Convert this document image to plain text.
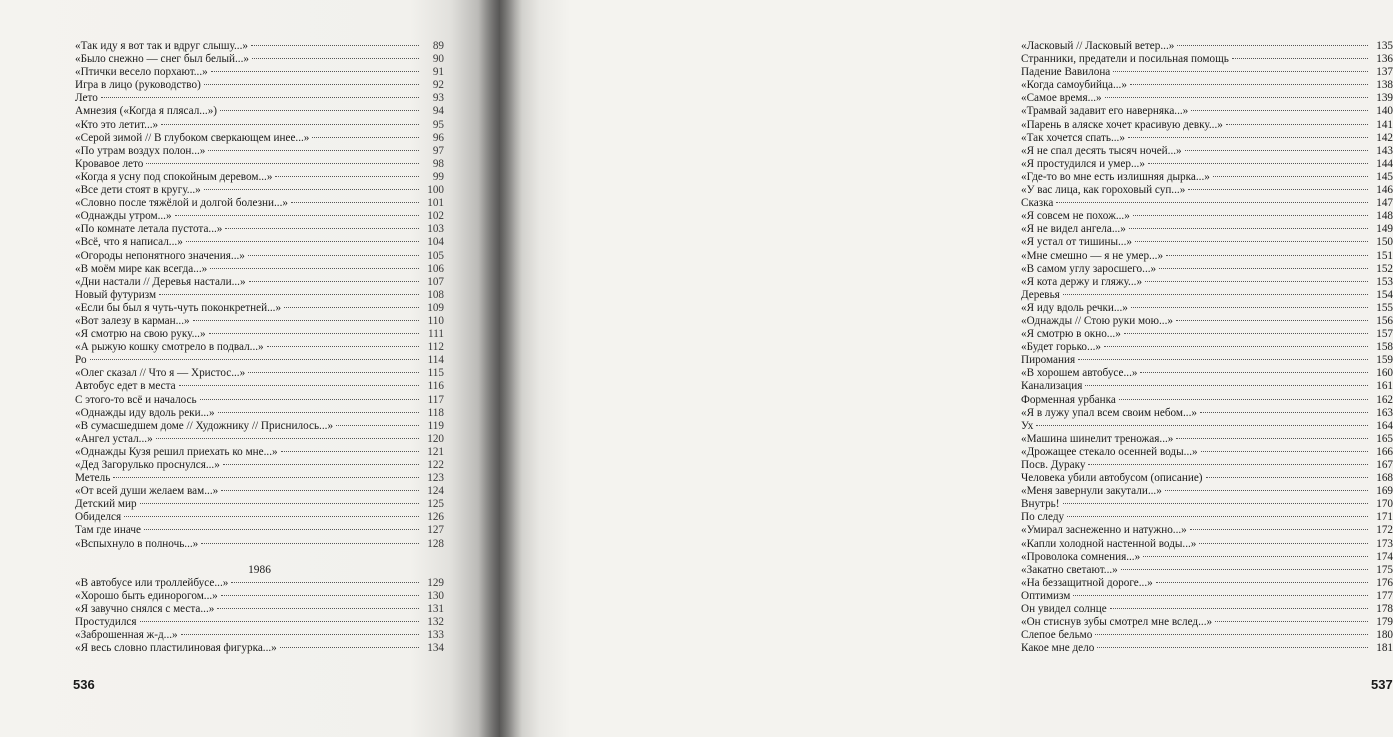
«Так иду я вот так и вдруг слышу...»	89
«Было снежно — снег был белый...»	90
«Птички весело порхают...»	91
Игра в лицо (руководство)	92
Лето	93
Амнезия («Когда я плясал...»)	94
«Кто это летит...»	95
«Серой зимой // В глубоком сверкающем инее...»	96
«По утрам воздух полон...»	97
Кровавое лето	98
«Когда я усну под спокойным деревом...»	99
«Все дети стоят в кругу...»	100
«Словно после тяжёлой и долгой болезни...»	101
«Однажды утром...»	102
«По комнате летала пустота...»	103
«Всё, что я написал...»	104
«Огороды непонятного значения...»	105
«В моём мире как всегда...»	106
«Дни настали // Деревья настали...»	107
Новый футуризм	108
«Если бы был я чуть-чуть поконкретней...»	109
«Вот залезу в карман...»	110
«Я смотрю на свою руку...»	111
«А рыжую кошку смотрело в подвал...»	112
Ро	114
«Олег сказал // Что я — Христос...»	115
Автобус едет в места	116
С этого-то всё и началось	117
«Однажды иду вдоль реки...»	118
«В сумасшедшем доме // Художнику // Приснилось...»	119
«Ангел устал...»	120
«Однажды Кузя решил приехать ко мне...»	121
«Дед Загорулько проснулся...»	122
Метель	123
«От всей души желаем вам...»	124
Детский мир	125
Обиделся	126
Там где иначе	127
«Вспыхнуло в полночь...»	128
1986
«В автобусе или троллейбусе...»	129
«Хорошо быть единорогом...»	130
«Я завучно снялся с места...»	131
Простудился	132
«Заброшенная ж-д...»	133
«Я весь словно пластилиновая фигурка...»	134
536
«Ласковый // Ласковый ветер...»	135
Странники, предатели и посильная помощь	136
Падение Вавилона	137
«Когда самоубийца...»	138
«Самое время...»	139
«Трамвай задавит его наверняка...»	140
«Парень в аляске хочет красивую девку...»	141
«Так хочется спать...»	142
«Я не спал десять тысяч ночей...»	143
«Я простудился и умер...»	144
«Где-то во мне есть излишняя дырка...»	145
«У вас лица, как гороховый суп...»	146
Сказка	147
«Я совсем не похож...»	148
«Я не видел ангела...»	149
«Я устал от тишины...»	150
«Мне смешно — я не умер...»	151
«В самом углу заросшего...»	152
«Я кота держу и гляжу...»	153
Деревья	154
«Я иду вдоль речки...»	155
«Однажды // Стою руки мою...»	156
«Я смотрю в окно...»	157
«Будет горько...»	158
Пиромания	159
«В хорошем автобусе...»	160
Канализация	161
Форменная урбанка	162
«Я в лужу упал всем своим небом...»	163
Ух	164
«Машина шинелит треножая...»	165
«Дрожащее стекало осенней воды...»	166
Посв. Дураку	167
Человека убили автобусом (описание)	168
«Меня завернули закутали...»	169
Внутрь!	170
По следу	171
«Умирал заснеженно и натужно...»	172
«Капли холодной настенной воды...»	173
«Проволока сомнения...»	174
«Закатно светают...»	175
«На беззащитной дороге...»	176
Оптимизм	177
Он увидел солнце	178
«Он стиснув зубы смотрел мне вслед...»	179
Слепое бельмо	180
Какое мне дело	181
537
